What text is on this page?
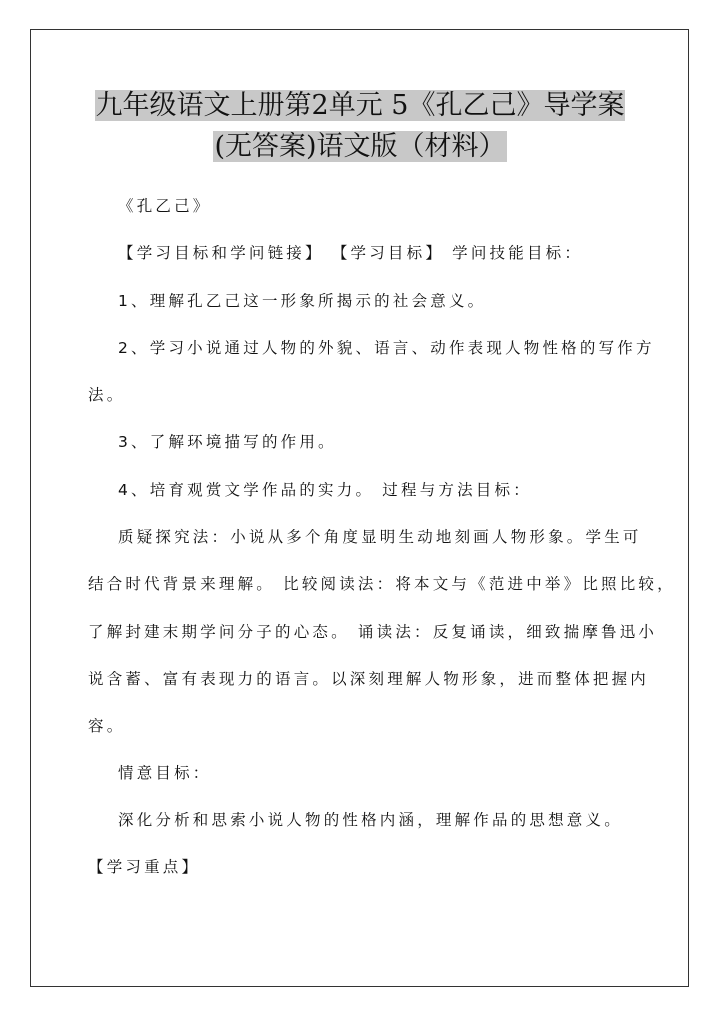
九年级语文上册第2单元 5《孔乙己》导学案
(无答案)语文版（材料）

《孔乙己》

【学习目标和学问链接】 【学习目标】 学问技能目标：

1、理解孔乙己这一形象所揭示的社会意义。

2、学习小说通过人物的外貌、语言、动作表现人物性格的写作方

法。

3、了解环境描写的作用。

4、培育观赏文学作品的实力。 过程与方法目标：

质疑探究法：小说从多个角度显明生动地刻画人物形象。学生可

结合时代背景来理解。 比较阅读法：将本文与《范进中举》比照比较，

了解封建末期学问分子的心态。 诵读法：反复诵读，细致揣摩鲁迅小

说含蓄、富有表现力的语言。以深刻理解人物形象，进而整体把握内

容。

情意目标：

深化分析和思索小说人物的性格内涵，理解作品的思想意义。

【学习重点】
